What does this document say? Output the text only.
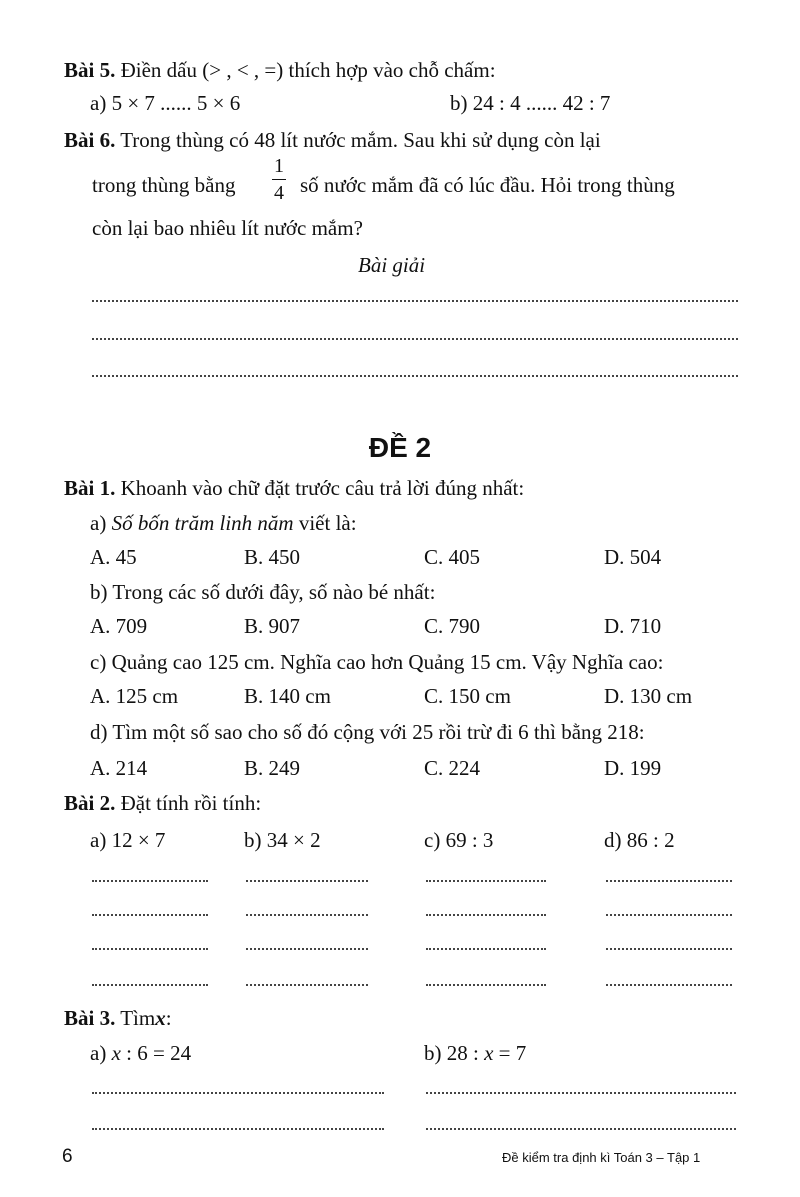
Bài 5. Điền dấu (> , < , =) thích hợp vào chỗ chấm:
a) 5 × 7 ...... 5 × 6	b) 24 : 4 ...... 42 : 7
Bài 6. Trong thùng có 48 lít nước mắm. Sau khi sử dụng còn lại
trong thùng bằng
1
4 số nước mắm đã có lúc đầu. Hỏi trong thùng
còn lại bao nhiêu lít nước mắm?
Bài giải
ĐỀ 2
Bài 1. Khoanh vào chữ đặt trước câu trả lời đúng nhất:
a) Số bốn trăm linh năm viết là:
A. 45	B. 450	C. 405	D. 504
b) Trong các số dưới đây, số nào bé nhất:
A. 709	B. 907	C. 790	D. 710
c) Quảng cao 125 cm. Nghĩa cao hơn Quảng 15 cm. Vậy Nghĩa cao:
A. 125 cm	B. 140 cm	C. 150 cm	D. 130 cm
d) Tìm một số sao cho số đó cộng với 25 rồi trừ đi 6 thì bằng 218:
A. 214	B. 249	C. 224	D. 199
Bài 2. Đặt tính rồi tính:
a) 12 × 7	b) 34 × 2	c) 69 : 3	d) 86 : 2
Bài 3. Tìmx:
a) x : 6 = 24	b) 28 : x = 7
6	Đề kiểm tra định kì Toán 3 – Tập 1
